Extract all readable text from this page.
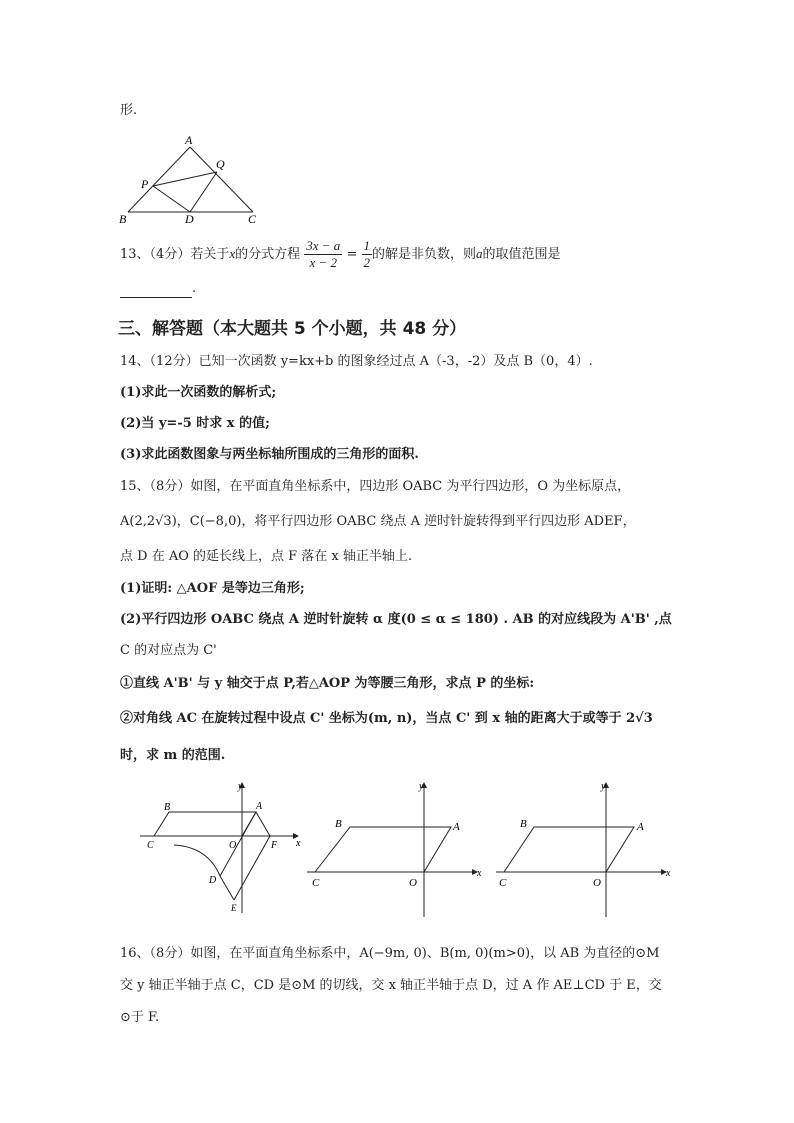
形.
A
Q
P
B	D	C
13、（4分）若关于x的分式方程 $\frac{3x - a}{x - 2} = \frac{1}{2}$ 的解是非负数，则a的取值范围是
.
三、解答题（本大题共 5 个小题，共 48 分）
14、（12分）已知一次函数 y=kx+b 的图象经过点 A（-3，-2）及点 B（0，4）.
(1)求此一次函数的解析式;
(2)当 y=-5 时求 x 的值;
(3)求此函数图象与两坐标轴所围成的三角形的面积.
15、（8分）如图，在平面直角坐标系中，四边形 OABC 为平行四边形，O 为坐标原点，
A(2,2√3)，C(−8,0)，将平行四边形 OABC 绕点 A 逆时针旋转得到平行四边形 ADEF，
点 D 在 AO 的延长线上，点 F 落在 x 轴正半轴上.
(1)证明: △AOF 是等边三角形;
(2)平行四边形 OABC 绕点 A 逆时针旋转 α 度(0 ≤ α ≤ 180) . AB 的对应线段为 A'B' ,点
C 的对应点为 C'
①直线 A'B' 与 y 轴交于点 P,若△AOP 为等腰三角形，求点 P 的坐标:
②对角线 AC 在旋转过程中设点 C' 坐标为(m, n)，当点 C' 到 x 轴的距离大于或等于 2√3
时，求 m 的范围.
y
x
B	A
C	O	F
D
E
y
x
B	A
C	O
y
x
B	A
C	O
16、（8分）如图，在平面直角坐标系中，A(−9m, 0)、B(m, 0)(m>0)，以 AB 为直径的⊙M
交 y 轴正半轴于点 C，CD 是⊙M 的切线，交 x 轴正半轴于点 D，过 A 作 AE⊥CD 于 E，交
⊙于 F.
